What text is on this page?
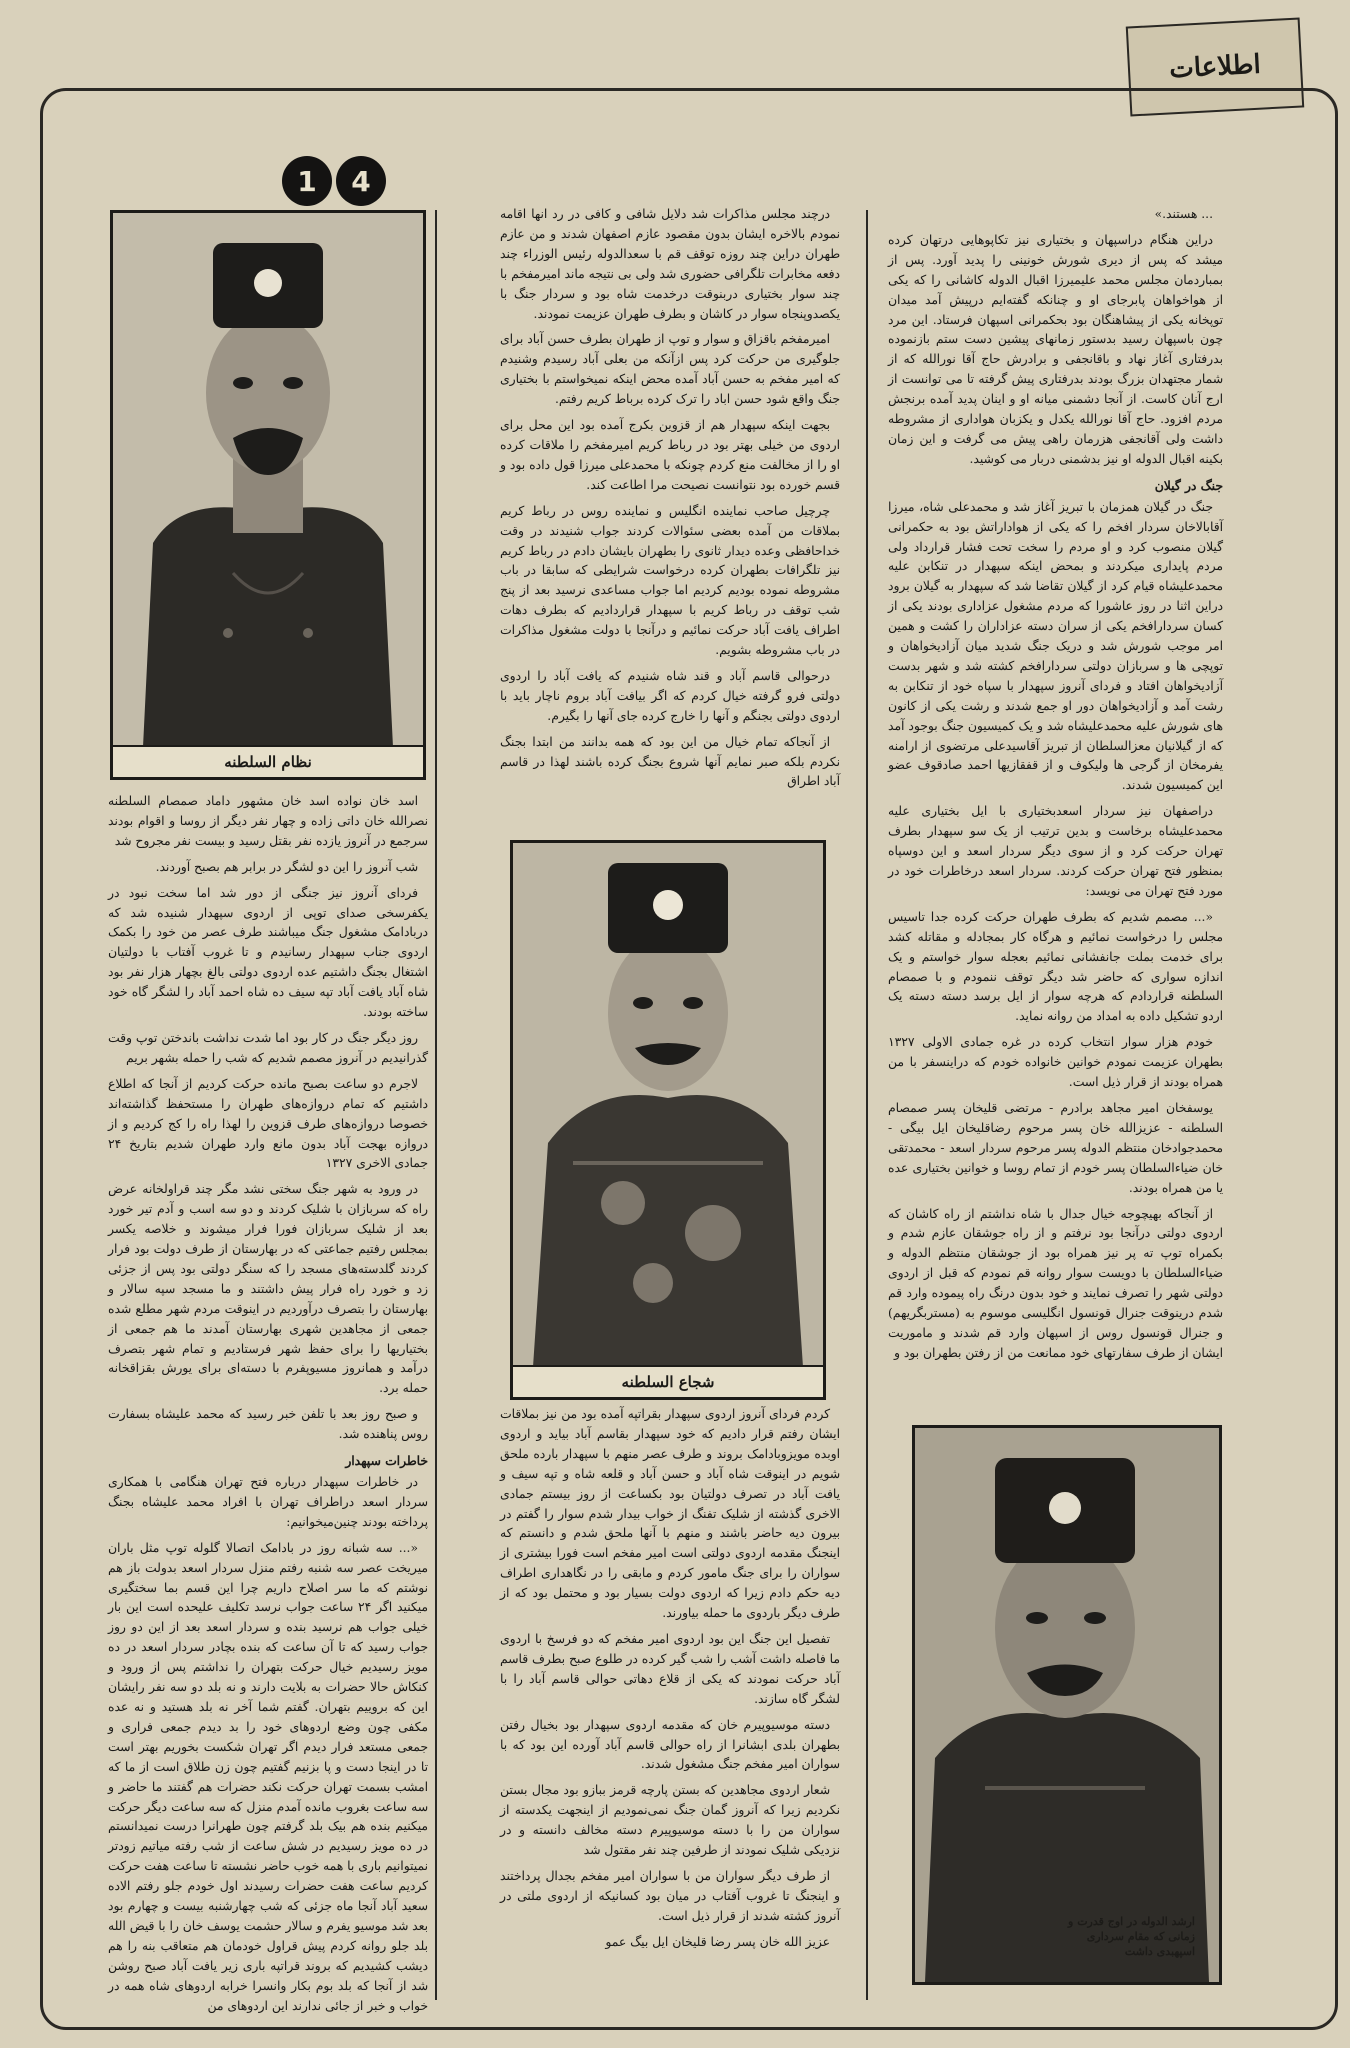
اطلاعات
1	4
نظام السلطنه

اسد خان نواده اسد خان مشهور داماد صمصام السلطنه نصرالله خان داتی زاده و چهار نفر دیگر از روسا و اقوام بودند سرجمع در آنروز یازده نفر بقتل رسید و بیست نفر مجروح شد

شب آنروز را این دو لشگر در برابر هم بصبح آوردند.

فردای آنروز نیز جنگی از دور شد اما سخت نبود در یکفرسخی صدای توپی از اردوی سپهدار شنیده شد که دربادامک مشغول جنگ میباشند طرف عصر من خود را بکمک اردوی جناب سپهدار رسانیدم و تا غروب آفتاب با دولتیان اشتغال بجنگ داشتیم عده اردوی دولتی بالغ بچهار هزار نفر بود شاه آباد یافت آباد تپه سیف ده شاه احمد آباد را لشگر گاه خود ساخته بودند.

روز دیگر جنگ در کار بود اما شدت نداشت باندختن توپ وقت گذرانیدیم در آنروز مصمم شدیم که شب را حمله بشهر بریم

لاجرم دو ساعت بصبح مانده حرکت کردیم از آنجا که اطلاع داشتیم که تمام دروازه‌های طهران را مستحفظ گذاشته‌اند خصوصا دروازه‌های طرف قزوین را لهذا راه را کج کردیم و از دروازه بهجت آباد بدون مانع وارد طهران شدیم بتاریخ ۲۴ جمادی الاخری ۱۳۲۷

در ورود به شهر جنگ سختی نشد مگر چند قراولخانه عرض راه که سربازان با شلیک کردند و دو سه اسب و آدم تیر خورد بعد از شلیک سربازان فورا فرار میشوند و خلاصه یکسر بمجلس رفتیم جماعتی که در بهارستان از طرف دولت بود فرار کردند گلدسته‌های مسجد را که سنگر دولتی بود پس از جزئی زد و خورد راه فرار پیش داشتند و ما مسجد سپه سالار و بهارستان را بتصرف درآوردیم در اینوقت مردم شهر مطلع شده جمعی از مجاهدین شهری بهارستان آمدند ما هم جمعی از بختیاریها را برای حفظ شهر فرستادیم و تمام شهر بتصرف درآمد و همانروز مسیوپفرم با دسته‌ای برای یورش بقزاقخانه حمله برد.

و صبح روز بعد با تلفن خبر رسید که محمد علیشاه بسفارت روس پناهنده شد.

خاطرات سپهدار

در خاطرات سپهدار درباره فتح تهران هنگامی با همکاری سردار اسعد دراطراف تهران با افراد محمد علیشاه بجنگ پرداخته بودند چنین‌میخوانیم:

«... سه شبانه روز در بادامک اتصالا گلوله توپ مثل باران میریخت عصر سه شنبه رفتم منزل سردار اسعد بدولت باز هم نوشتم که ما سر اصلاح داریم چرا این قسم بما سختگیری میکنید اگر ۲۴ ساعت جواب نرسد تکلیف علیحده است این بار خیلی جواب هم نرسید بنده و سردار اسعد بعد از این دو روز جواب رسید که تا آن ساعت که بنده بچادر سردار اسعد در ده مویز رسیدیم خیال حرکت بتهران را نداشتم پس از ورود و کنکاش حالا حضرات به بلایت دارند و نه بلد دو سه نفر رایشان این که بروییم بتهران. گفتم شما آخر نه بلد هستید و نه عده مکفی چون وضع اردوهای خود را بد دیدم جمعی فراری و جمعی مستعد فرار دیدم اگر تهران شکست بخوریم بهتر است تا در اینجا دست و پا بزنیم گفتیم چون زن طلاق است از ما که امشب بسمت تهران حرکت نکند حضرات هم گفتند ما حاضر و سه ساعت بغروب مانده آمدم منزل که سه ساعت دیگر حرکت میکنیم بنده هم بیک بلد گرفتم چون طهرانرا درست نمیدانستم در ده مویز رسیدیم در شش ساعت از شب رفته میاتیم زودتر نمیتوانیم باری با همه خوب حاضر نشسته تا ساعت هفت حرکت کردیم ساعت هفت حضرات رسیدند اول خودم جلو رفتم الاده سعید آباد آنجا ماه جزئی که شب چهارشنبه بیست و چهارم بود بعد شد موسیو یفرم و سالار حشمت یوسف خان را با قیض الله بلد جلو روانه کردم پیش قراول خودمان هم متعاقب بنه را هم دیشب کشیدیم که بروند قراتپه باری زیر یافت آباد صبح روشن شد از آنجا که بلد بوم بکار وانسرا خرابه اردوهای شاه همه در خواب و خبر از جائی ندارند این اردوهای من

درچند مجلس مذاکرات شد دلایل شافی و کافی در رد انها اقامه نمودم بالاخره ایشان بدون مقصود عازم اصفهان شدند و من عازم طهران دراین چند روزه توقف قم با سعدالدوله رئیس الوزراء چند دفعه مخابرات تلگرافی حضوری شد ولی بی نتیجه ماند امیرمفخم با چند سوار بختیاری دربنوقت درخدمت شاه بود و سردار جنگ با یکصدوپنجاه سوار در کاشان و بطرف طهران عزیمت نمودند.

امیرمفخم باقزاق و سوار و توپ از طهران بطرف حسن آباد برای جلوگیری من حرکت کرد پس ازآنکه من بعلی آباد رسیدم وشنیدم که امیر مفخم به حسن آباد آمده محض اینکه نمیخواستم با بختیاری جنگ واقع شود حسن اباد را ترک کرده برباط کریم رفتم.

بجهت اینکه سپهدار هم از قزوین بکرج آمده بود این محل برای اردوی من خیلی بهتر بود در رباط کریم امیرمفخم را ملاقات کرده او را از مخالفت منع کردم چونکه با محمدعلی میرزا قول داده بود و قسم خورده بود نتوانست نصیحت مرا اطاعت کند.

چرچیل صاحب نماینده انگلیس و نماینده روس در رباط کریم بملاقات من آمده بعضی سئوالات کردند جواب شنیدند در وقت خداحافظی وعده دیدار ثانوی را بطهران بایشان دادم در رباط کریم نیز تلگرافات بطهران کرده درخواست شرایطی که سابقا در باب مشروطه نموده بودیم کردیم اما جواب مساعدی نرسید بعد از پنج شب توقف در رباط کریم با سپهدار قراردادیم که بطرف دهات اطراف یافت آباد حرکت نمائیم و درآنجا با دولت مشغول مذاکرات در باب مشروطه بشویم.

درحوالی قاسم آباد و قند شاه شنیدم که یافت آباد را اردوی دولتی فرو گرفته خیال کردم که اگر بیافت آباد بروم ناچار باید با اردوی دولتی بجنگم و آنها را خارج کرده جای آنها را بگیرم.

از آنجاکه تمام خیال من این بود که همه بدانند من ابتدا بجنگ نکردم بلکه صبر نمایم آنها شروع بجنگ کرده باشند لهذا در قاسم آباد اطراق

شجاع السلطنه

کردم فردای آنروز اردوی سپهدار بقراتپه آمده بود من نیز بملاقات ایشان رفتم قرار دادیم که خود سپهدار بقاسم آباد بیاید و اردوی اوبده مویزوبادامک بروند و طرف عصر منهم با سپهدار بارده ملحق شویم در اینوقت شاه آباد و حسن آباد و قلعه شاه و تپه سیف و یافت آباد در تصرف دولتیان بود بکساعت از روز بیستم جمادی الاخری گذشته از شلیک تفنگ از خواب بیدار شدم سوار را گفتم در بیرون دیه حاضر باشند و منهم با آنها ملحق شدم و دانستم که اینجنگ مقدمه اردوی دولتی است امیر مفخم است فورا بیشتری از سواران را برای جنگ مامور کردم و مابقی را در نگاهداری اطراف دیه حکم دادم زیرا که اردوی دولت بسیار بود و محتمل بود که از طرف دیگر باردوی ما حمله بیاورند.

تفصیل این جنگ این بود اردوی امیر مفخم که دو فرسخ با اردوی ما فاصله داشت آشب را شب گیر کرده در طلوع صبح بطرف قاسم آباد حرکت نمودند که یکی از قلاع دهاتی حوالی قاسم آباد را با لشگر گاه سازند.

دسته موسیوپیرم خان که مقدمه اردوی سپهدار بود بخیال رفتن بطهران بلدی ابشانرا از راه حوالی قاسم آباد آورده این بود که با سواران امیر مفخم جنگ مشغول شدند.

شعار اردوی مجاهدین که بستن پارچه قرمز ببازو بود مجال بستن نکردیم زیرا که آنروز گمان جنگ نمی‌نمودیم از اینجهت یکدسته از سواران من را با دسته موسیوپیرم دسته مخالف دانسته و در نزدیکی شلیک نمودند از طرفین چند نفر مقتول شد

از طرف دیگر سواران من با سواران امیر مفخم بجدال پرداختند و اینجنگ تا غروب آفتاب در میان بود کسانیکه از اردوی ملتی در آنروز کشته شدند از قرار ذیل است.

عزیز الله خان پسر رضا قلیخان ایل بیگ عمو

... هستند.»

دراین هنگام دراسپهان و بختیاری نیز تکاپوهایی درتهان کرده میشد که پس از دیری شورش خونینی را پدید آورد. پس از بمباردمان مجلس محمد علیمیرزا اقبال الدوله کاشانی را که یکی از هواخواهان پابرجای او و چنانکه گفته‌ایم درپیش آمد میدان توپخانه یکی از پیشاهنگان بود بحکمرانی اسپهان فرستاد. این مرد چون باسپهان رسید بدستور زمانهای پیشین دست ستم بازنموده بدرفتاری آغاز نهاد و باقانجفی و برادرش حاج آقا نورالله که از شمار مجتهدان بزرگ بودند بدرفتاری پیش گرفته تا می توانست از ارج آنان کاست. از آنجا دشمنی میانه او و اینان پدید آمده برنجش مردم افزود. حاج آقا نورالله یکدل و یکزبان هواداری از مشروطه داشت ولی آقانجفی هزرمان راهی پیش می گرفت و این زمان بکینه اقبال الدوله او نیز بدشمنی دربار می کوشید.

جنگ در گیلان

جنگ در گیلان همزمان با تبریز آغاز شد و محمدعلی شاه، میرزا آقابالاخان سردار افخم را که یکی از هواداراتش بود به حکمرانی گیلان منصوب کرد و او مردم را سخت تحت فشار قرارداد ولی مردم پایداری میکردند و بمحض اینکه سپهدار در تنکابن علیه محمدعلیشاه قیام کرد از گیلان تقاضا شد که سپهدار به گیلان برود دراین اثنا در روز عاشورا که مردم مشغول عزاداری بودند یکی از کسان سردارافخم یکی از سران دسته عزاداران را کشت و همین امر موجب شورش شد و دریک جنگ شدید میان آزادیخواهان و توپچی ها و سربازان دولتی سردارافخم کشته شد و شهر بدست آزادیخواهان افتاد و فردای آنروز سپهدار با سپاه خود از تنکابن به رشت آمد و آزادیخواهان دور او جمع شدند و رشت یکی از کانون های شورش علیه محمدعلیشاه شد و یک کمیسیون جنگ بوجود آمد که از گیلانیان معزالسلطان از تبریز آقاسیدعلی مرتضوی از ارامنه یفرمخان از گرجی ها ولیکوف و از قفقازیها احمد صادقوف عضو این کمیسیون شدند.

دراصفهان نیز سردار اسعدبختیاری با ایل بختیاری علیه محمدعلیشاه برخاست و بدین ترتیب از یک سو سپهدار بطرف تهران حرکت کرد و از سوی دیگر سردار اسعد و این دوسپاه بمنظور فتح تهران حرکت کردند. سردار اسعد درخاطرات خود در مورد فتح تهران می نویسد:

«... مصمم شدیم که بطرف طهران حرکت کرده جدا تاسیس مجلس را درخواست نمائیم و هرگاه کار بمجادله و مقاتله کشد برای خدمت بملت جانفشانی نمائیم بعجله سوار خواستم و یک اندازه سواری که حاضر شد دیگر توقف ننمودم و با صمصام السلطنه قراردادم که هرچه سوار از ایل برسد دسته دسته یک اردو تشکیل داده به امداد من روانه نماید.

خودم هزار سوار انتخاب کرده در غره جمادی الاولی ۱۳۲۷ بطهران عزیمت نمودم خوانین خانواده خودم که دراینسفر با من همراه بودند از قرار ذیل است.

یوسفخان امیر مجاهد برادرم - مرتضی قلیخان پسر صمصام السلطنه - عزیزالله خان پسر مرحوم رضاقلیخان ایل بیگی - محمدجوادخان منتظم الدوله پسر مرحوم سردار اسعد - محمدتقی خان ضیاءالسلطان پسر خودم از تمام روسا و خوانین بختیاری عده یا من همراه بودند.

از آنجاکه بهیچوجه خیال جدال با شاه نداشتم از راه کاشان که اردوی دولتی درآنجا بود نرفتم و از راه جوشقان عازم شدم و بکمراه توپ ته پر نیز همراه بود از جوشقان منتظم الدوله و ضیاءالسلطان با دویست سوار روانه قم نمودم که قبل از اردوی دولتی شهر را تصرف نمایند و خود بدون درنگ راه پیموده وارد قم شدم درینوقت جنرال قونسول انگلیسی موسوم به (مستربگریهم) و جنرال قونسول روس از اسپهان وارد قم شدند و ماموریت ایشان از طرف سفارتهای خود ممانعت من از رفتن بطهران بود و

ارشد الدوله در اوج قدرت و زمانی که مقام سرداری اسپهبدی داشت
